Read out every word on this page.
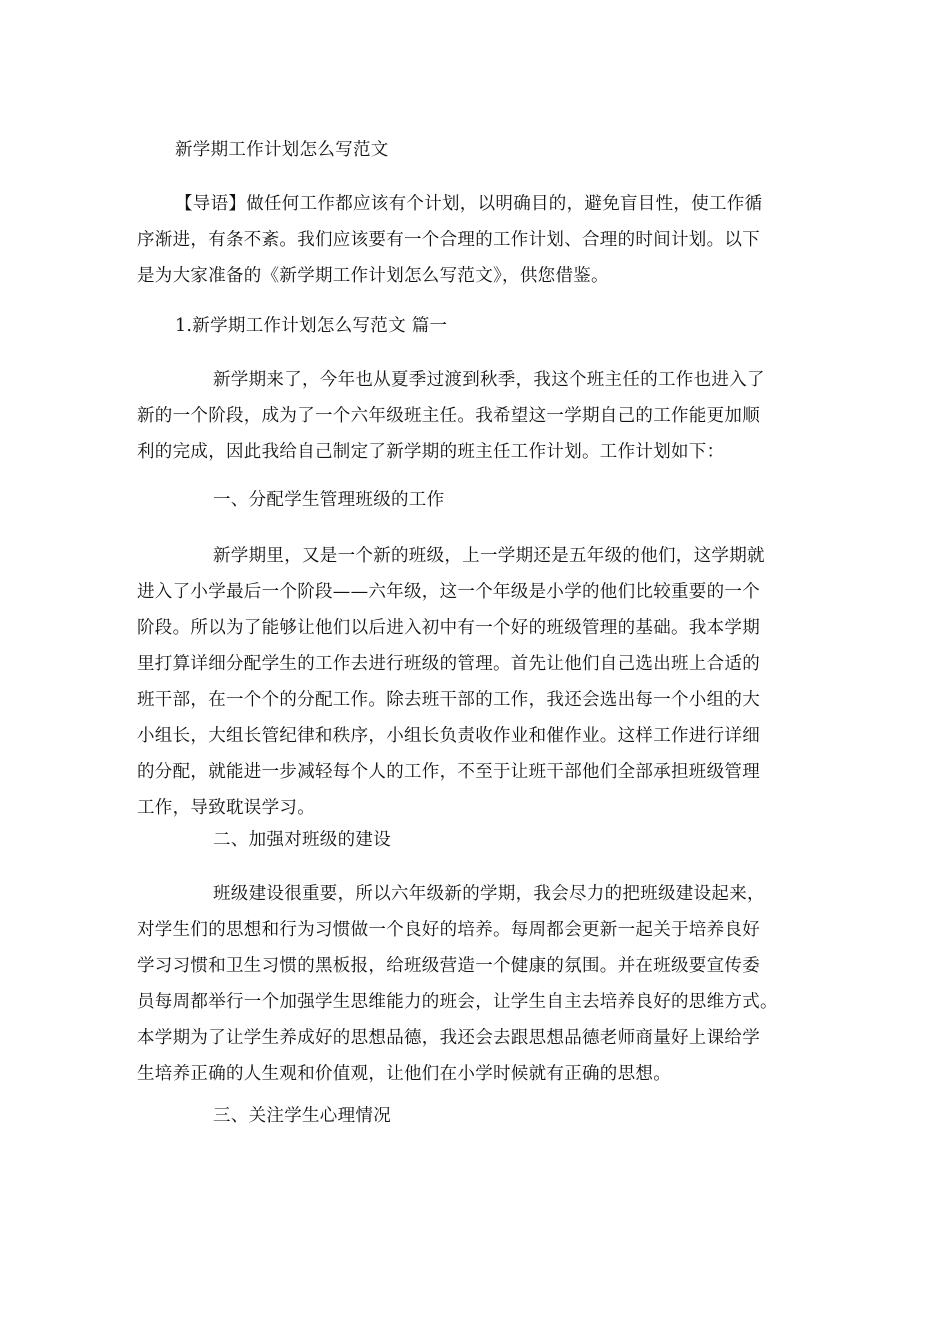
新学期工作计划怎么写范文

【导语】做任何工作都应该有个计划，以明确目的，避免盲目性，使工作循
序渐进，有条不紊。我们应该要有一个合理的工作计划、合理的时间计划。以下
是为大家准备的《新学期工作计划怎么写范文》，供您借鉴。

1.新学期工作计划怎么写范文 篇一

新学期来了，今年也从夏季过渡到秋季，我这个班主任的工作也进入了
新的一个阶段，成为了一个六年级班主任。我希望这一学期自己的工作能更加顺
利的完成，因此我给自己制定了新学期的班主任工作计划。工作计划如下：

一、分配学生管理班级的工作

新学期里，又是一个新的班级，上一学期还是五年级的他们，这学期就
进入了小学最后一个阶段——六年级，这一个年级是小学的他们比较重要的一个
阶段。所以为了能够让他们以后进入初中有一个好的班级管理的基础。我本学期
里打算详细分配学生的工作去进行班级的管理。首先让他们自己选出班上合适的
班干部，在一个个的分配工作。除去班干部的工作，我还会选出每一个小组的大
小组长，大组长管纪律和秩序，小组长负责收作业和催作业。这样工作进行详细
的分配，就能进一步减轻每个人的工作，不至于让班干部他们全部承担班级管理
工作，导致耽误学习。

二、加强对班级的建设

班级建设很重要，所以六年级新的学期，我会尽力的把班级建设起来，
对学生们的思想和行为习惯做一个良好的培养。每周都会更新一起关于培养良好
学习习惯和卫生习惯的黑板报，给班级营造一个健康的氛围。并在班级要宣传委
员每周都举行一个加强学生思维能力的班会，让学生自主去培养良好的思维方式。
本学期为了让学生养成好的思想品德，我还会去跟思想品德老师商量好上课给学
生培养正确的人生观和价值观，让他们在小学时候就有正确的思想。

三、关注学生心理情况
